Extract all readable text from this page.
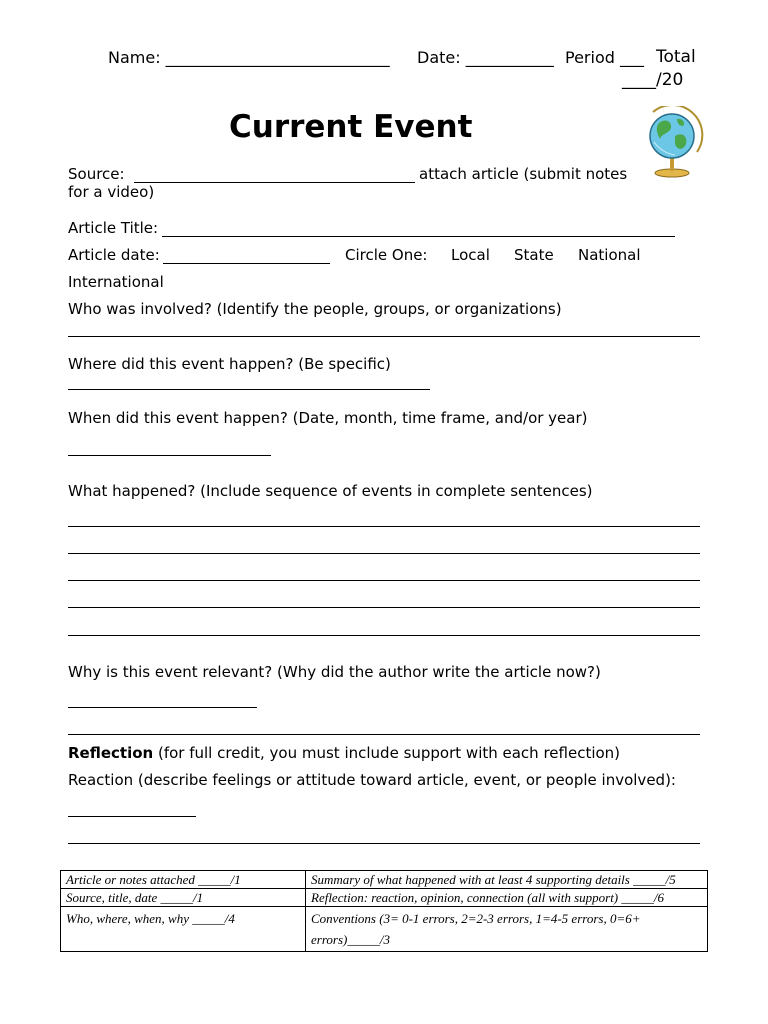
Name: ____________________________ Date: ___________ Period ___ Total
____/20
Current Event
Source:	attach article (submit notes
for a video)
Article Title:
Article date:	Circle One: Local State National
International
Who was involved? (Identify the people, groups, or organizations)
Where did this event happen? (Be specific)
When did this event happen? (Date, month, time frame, and/or year)
What happened? (Include sequence of events in complete sentences)
Why is this event relevant? (Why did the author write the article now?)
Reflection (for full credit, you must include support with each reflection)
Reaction (describe feelings or attitude toward article, event, or people involved):
Article or notes attached _____/1	Summary of what happened with at least 4 supporting details _____/5
Source, title, date _____/1	Reflection: reaction, opinion, connection (all with support) _____/6
Who, where, when, why _____/4	Conventions (3= 0-1 errors, 2=2-3 errors, 1=4-5 errors, 0=6+ errors)_____/3
